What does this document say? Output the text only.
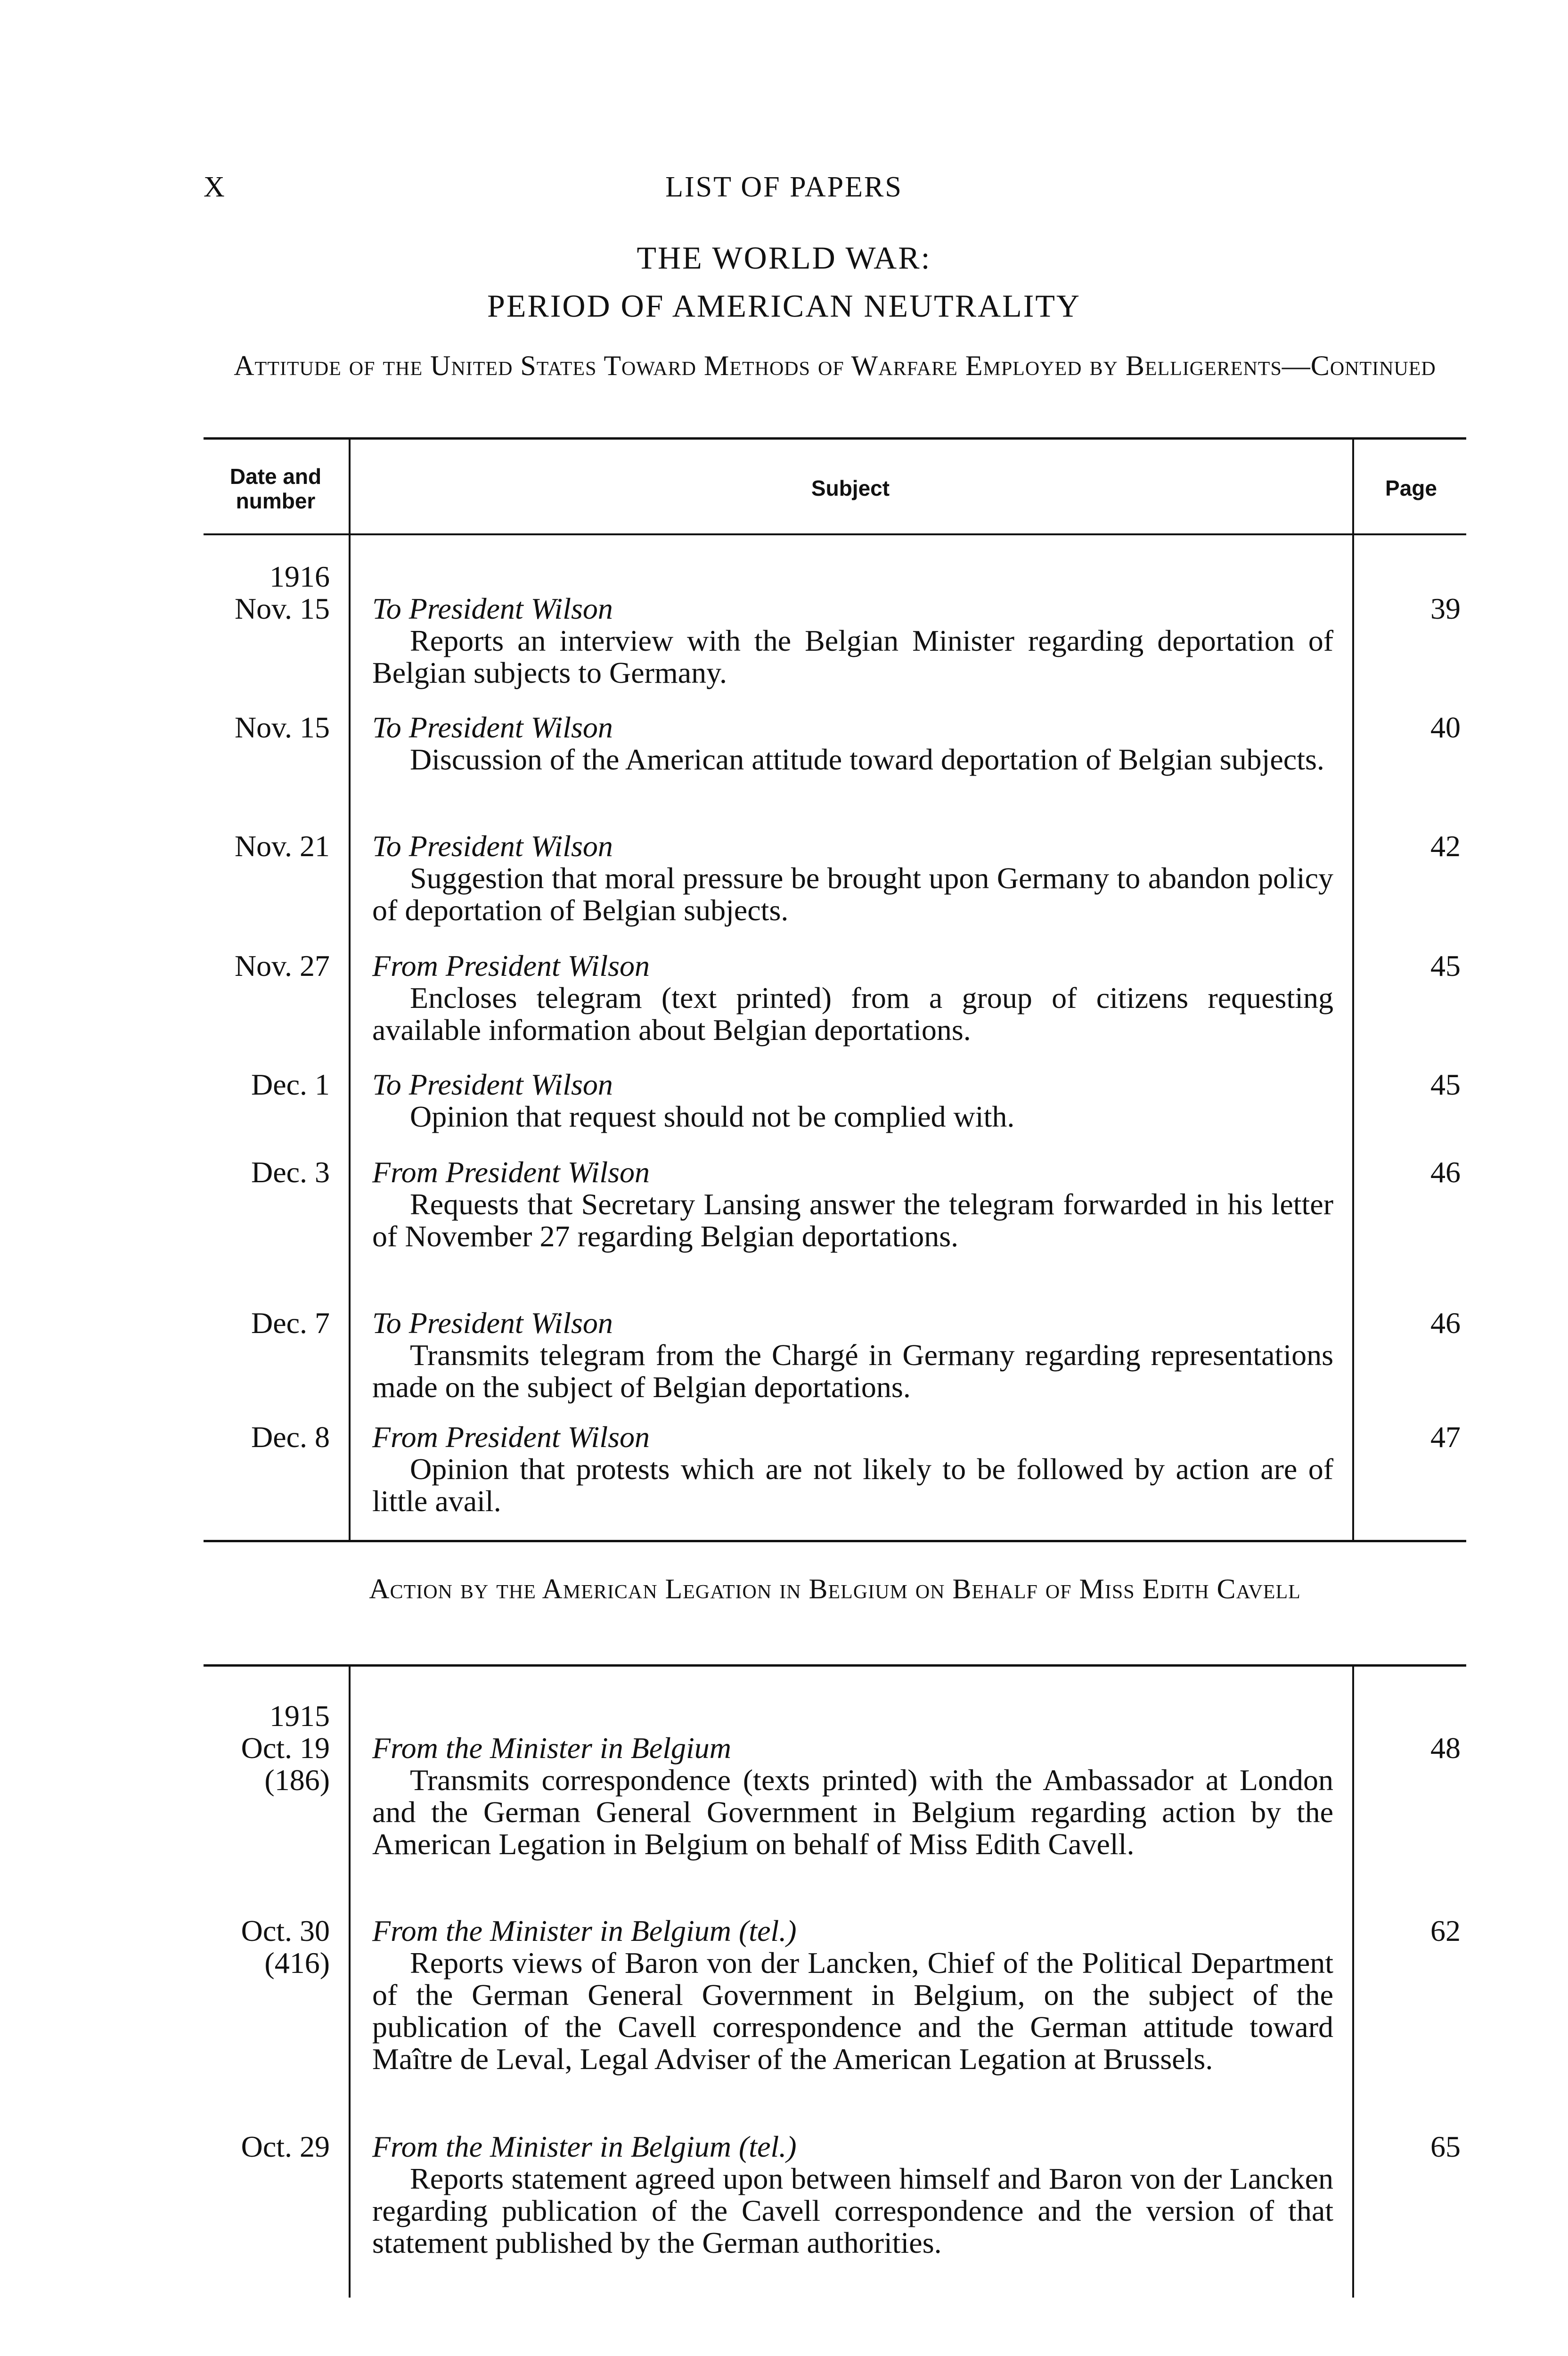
X	LIST OF PAPERS
THE WORLD WAR:
PERIOD OF AMERICAN NEUTRALITY
Attitude of the United States Toward Methods of Warfare Employed by Belligerents—Continued
Date and number
Subject	Page
1916
Nov. 15 To President Wilson
Reports an interview with the Belgian Minister regarding deportation of Belgian subjects to Germany.
39
Nov. 15 To President Wilson
Discussion of the American attitude toward deportation of Belgian subjects.
40
Nov. 21 To President Wilson
Suggestion that moral pressure be brought upon Germany to abandon policy of deportation of Belgian subjects.
42
Nov. 27 From President Wilson
Encloses telegram (text printed) from a group of citizens requesting available information about Belgian deportations.
45
Dec. 1 To President Wilson
Opinion that request should not be complied with.
45
Dec. 3 From President Wilson
Requests that Secretary Lansing answer the telegram forwarded in his letter of November 27 regarding Belgian deportations.
46
Dec. 7 To President Wilson
Transmits telegram from the Chargé in Germany regarding representations made on the subject of Belgian deportations.
46
Dec. 8 From President Wilson
Opinion that protests which are not likely to be followed by action are of little avail.
47
Action by the American Legation in Belgium on Behalf of Miss Edith Cavell
1915
Oct. 19
(186)
From the Minister in Belgium
Transmits correspondence (texts printed) with the Ambassador at London and the German General Government in Belgium regarding action by the American Legation in Belgium on behalf of Miss Edith Cavell.
48
Oct. 30
(416)
From the Minister in Belgium (tel.)
Reports views of Baron von der Lancken, Chief of the Political Department of the German General Government in Belgium, on the subject of the publication of the Cavell correspondence and the German attitude toward Maître de Leval, Legal Adviser of the American Legation at Brussels.
62
Oct. 29 From the Minister in Belgium (tel.)
Reports statement agreed upon between himself and Baron von der Lancken regarding publication of the Cavell correspondence and the version of that statement published by the German authorities.
65
